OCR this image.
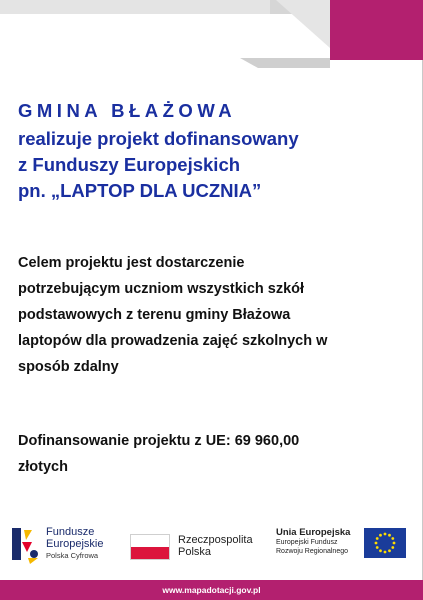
GMINA BŁAŻOWA
realizuje projekt dofinansowany
z Funduszy Europejskich
pn. „LAPTOP DLA UCZNIA”
Celem projektu jest dostarczenie
potrzebującym uczniom wszystkich szkół
podstawowych z terenu gminy Błażowa
laptopów dla prowadzenia zajęć szkolnych w
sposób zdalny
Dofinansowanie projektu z UE: 69 960,00
złotych
Fundusze
Europejskie
Polska Cyfrowa
Rzeczpospolita
Polska
Unia Europejska
Europejski Fundusz
Rozwoju Regionalnego
www.mapadotacji.gov.pl
